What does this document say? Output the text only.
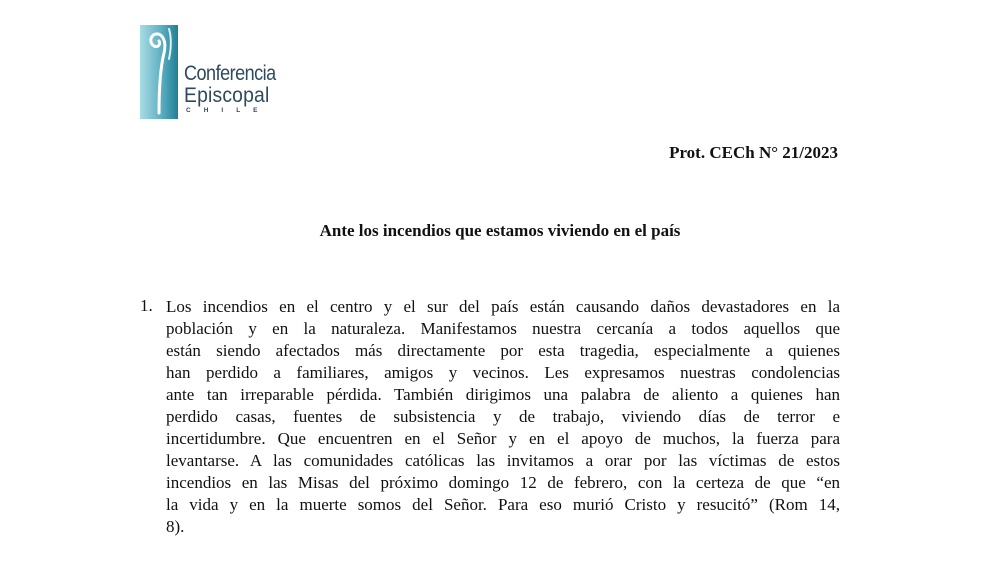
Conferencia
Episcopal
CHILE
Prot. CECh N° 21/2023
Ante los incendios que estamos viviendo en el país
1. Los incendios en el centro y el sur del país están causando daños devastadores en la
población y en la naturaleza. Manifestamos nuestra cercanía a todos aquellos que
están siendo afectados más directamente por esta tragedia, especialmente a quienes
han perdido a familiares, amigos y vecinos. Les expresamos nuestras condolencias
ante tan irreparable pérdida. También dirigimos una palabra de aliento a quienes han
perdido casas, fuentes de subsistencia y de trabajo, viviendo días de terror e
incertidumbre. Que encuentren en el Señor y en el apoyo de muchos, la fuerza para
levantarse. A las comunidades católicas las invitamos a orar por las víctimas de estos
incendios en las Misas del próximo domingo 12 de febrero, con la certeza de que “en
la vida y en la muerte somos del Señor. Para eso murió Cristo y resucitó” (Rom 14,
8).
